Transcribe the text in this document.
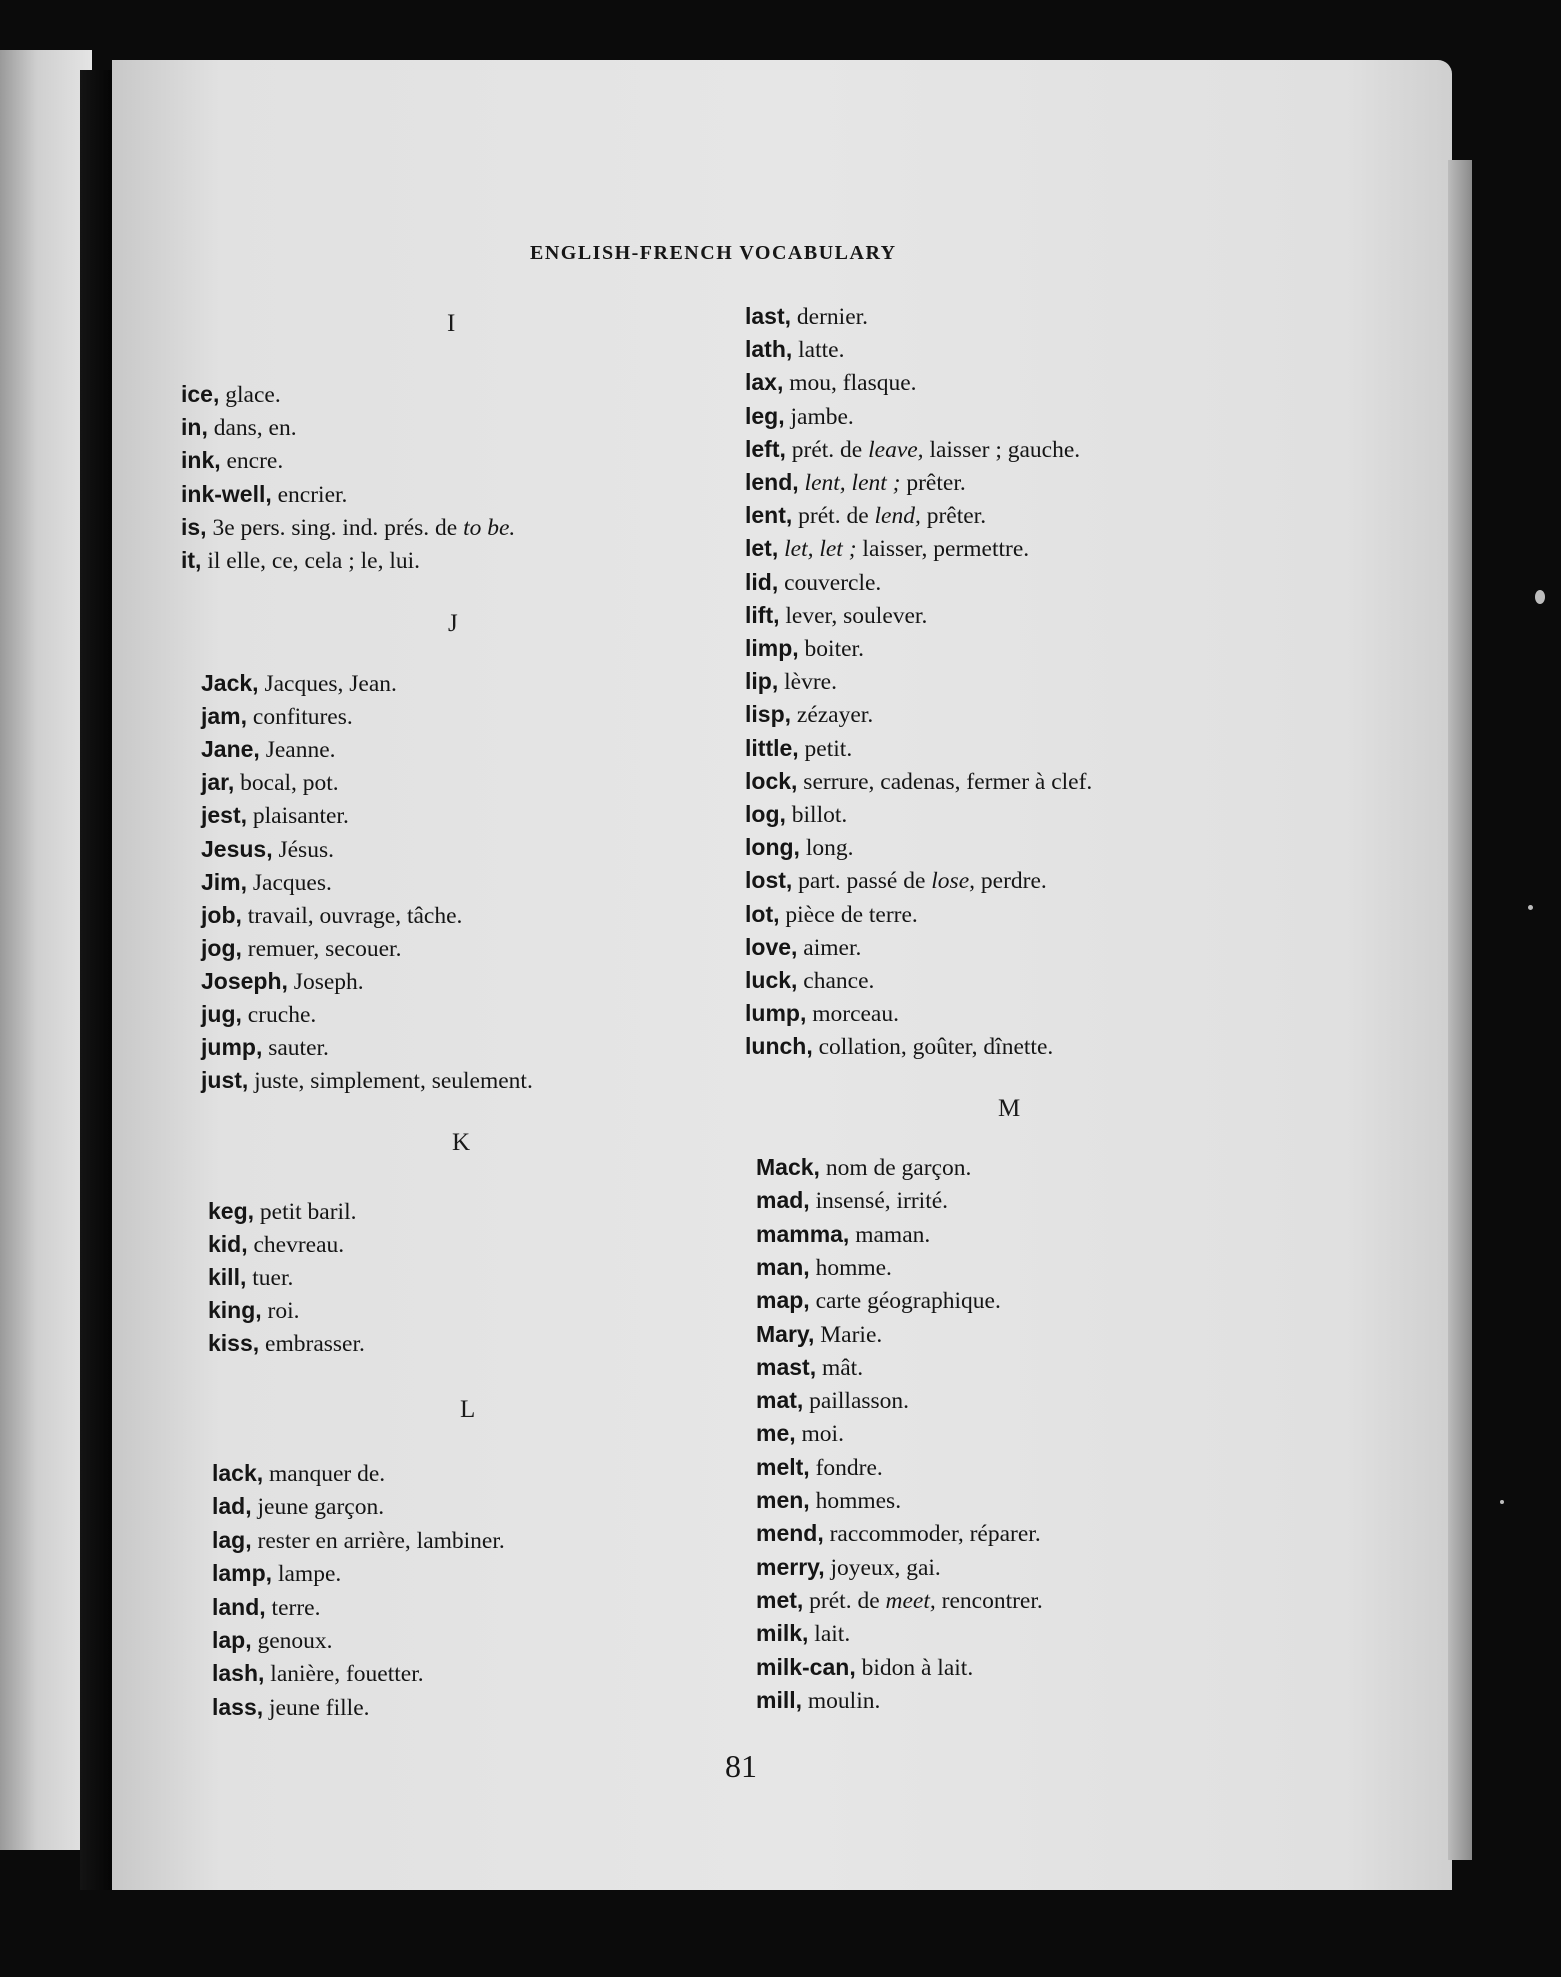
ENGLISH-FRENCH VOCABULARY
I
J
K
L
M
ice, glace.
in, dans, en.
ink, encre.
ink-well, encrier.
is, 3e pers. sing. ind. prés. de to be.
it, il elle, ce, cela ; le, lui.
Jack, Jacques, Jean.
jam, confitures.
Jane, Jeanne.
jar, bocal, pot.
jest, plaisanter.
Jesus, Jésus.
Jim, Jacques.
job, travail, ouvrage, tâche.
jog, remuer, secouer.
Joseph, Joseph.
jug, cruche.
jump, sauter.
just, juste, simplement, seulement.
keg, petit baril.
kid, chevreau.
kill, tuer.
king, roi.
kiss, embrasser.
lack, manquer de.
lad, jeune garçon.
lag, rester en arrière, lambiner.
lamp, lampe.
land, terre.
lap, genoux.
lash, lanière, fouetter.
lass, jeune fille.
last, dernier.
lath, latte.
lax, mou, flasque.
leg, jambe.
left, prét. de leave, laisser ; gauche.
lend, lent, lent ; prêter.
lent, prét. de lend, prêter.
let, let, let ; laisser, permettre.
lid, couvercle.
lift, lever, soulever.
limp, boiter.
lip, lèvre.
lisp, zézayer.
little, petit.
lock, serrure, cadenas, fermer à clef.
log, billot.
long, long.
lost, part. passé de lose, perdre.
lot, pièce de terre.
love, aimer.
luck, chance.
lump, morceau.
lunch, collation, goûter, dînette.
Mack, nom de garçon.
mad, insensé, irrité.
mamma, maman.
man, homme.
map, carte géographique.
Mary, Marie.
mast, mât.
mat, paillasson.
me, moi.
melt, fondre.
men, hommes.
mend, raccommoder, réparer.
merry, joyeux, gai.
met, prét. de meet, rencontrer.
milk, lait.
milk-can, bidon à lait.
mill, moulin.
81
